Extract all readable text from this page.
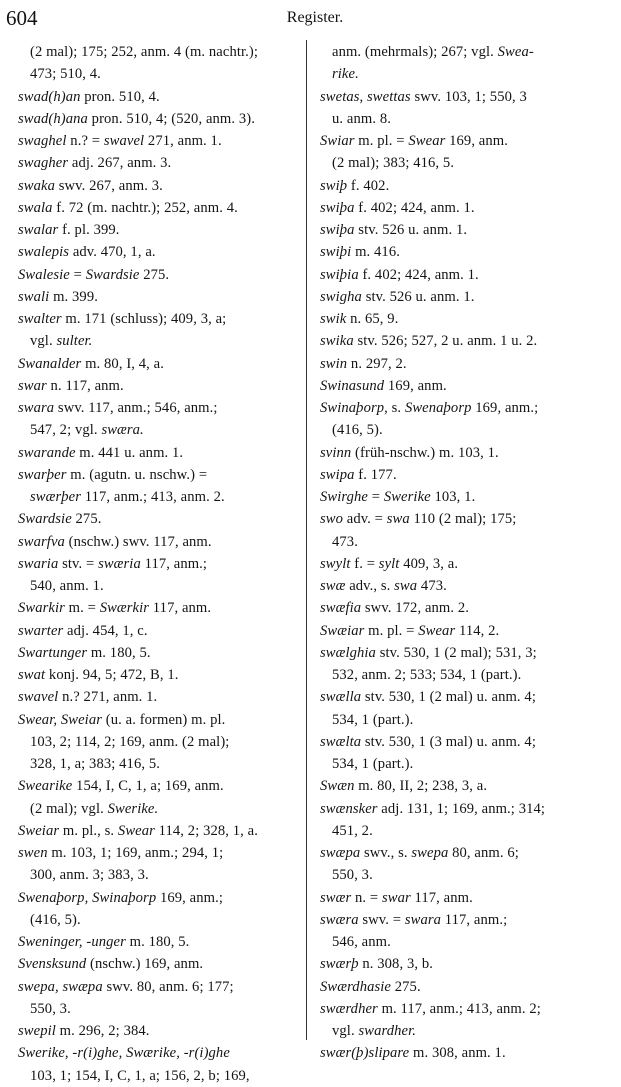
604	Register.
(2 mal); 175; 252, anm. 4 (m. nachtr.);
473; 510, 4.
swad(h)an pron. 510, 4.
swad(h)ana pron. 510, 4; (520, anm. 3).
swaghel n.? = swavel 271, anm. 1.
swagher adj. 267, anm. 3.
swaka swv. 267, anm. 3.
swala f. 72 (m. nachtr.); 252, anm. 4.
swalar f. pl. 399.
swalepis adv. 470, 1, a.
Swalesie = Swardsie 275.
swali m. 399.
swalter m. 171 (schluss); 409, 3, a;
vgl. sulter.
Swanalder m. 80, I, 4, a.
swar n. 117, anm.
swara swv. 117, anm.; 546, anm.;
547, 2; vgl. swæra.
swarande m. 441 u. anm. 1.
swarþer m. (agutn. u. nschw.) =
swærþer 117, anm.; 413, anm. 2.
Swardsie 275.
swarfva (nschw.) swv. 117, anm.
swaria stv. = swæria 117, anm.;
540, anm. 1.
Swarkir m. = Swærkir 117, anm.
swarter adj. 454, 1, c.
Swartunger m. 180, 5.
swat konj. 94, 5; 472, B, 1.
swavel n.? 271, anm. 1.
Swear, Sweiar (u. a. formen) m. pl.
103, 2; 114, 2; 169, anm. (2 mal);
328, 1, a; 383; 416, 5.
Swearike 154, I, C, 1, a; 169, anm.
(2 mal); vgl. Swerike.
Sweiar m. pl., s. Swear 114, 2; 328, 1, a.
swen m. 103, 1; 169, anm.; 294, 1;
300, anm. 3; 383, 3.
Swenaþorp, Swinaþorp 169, anm.;
(416, 5).
Sweninger, -unger m. 180, 5.
Svensksund (nschw.) 169, anm.
swepa, swæpa swv. 80, anm. 6; 177;
550, 3.
swepil m. 296, 2; 384.
Swerike, -r(i)ghe, Swærike, -r(i)ghe
103, 1; 154, I, C, 1, a; 156, 2, b; 169,
anm. (mehrmals); 267; vgl. Swea-
rike.
swetas, swettas swv. 103, 1; 550, 3
u. anm. 8.
Swiar m. pl. = Swear 169, anm.
(2 mal); 383; 416, 5.
swiþ f. 402.
swiþa f. 402; 424, anm. 1.
swiþa stv. 526 u. anm. 1.
swiþi m. 416.
swiþia f. 402; 424, anm. 1.
swigha stv. 526 u. anm. 1.
swik n. 65, 9.
swika stv. 526; 527, 2 u. anm. 1 u. 2.
swin n. 297, 2.
Swinasund 169, anm.
Swinaþorp, s. Swenaþorp 169, anm.;
(416, 5).
svinn (früh-nschw.) m. 103, 1.
swipa f. 177.
Swirghe = Swerike 103, 1.
swo adv. = swa 110 (2 mal); 175;
473.
swylt f. = sylt 409, 3, a.
swæ adv., s. swa 473.
swæfia swv. 172, anm. 2.
Swæiar m. pl. = Swear 114, 2.
swælghia stv. 530, 1 (2 mal); 531, 3;
532, anm. 2; 533; 534, 1 (part.).
swælla stv. 530, 1 (2 mal) u. anm. 4;
534, 1 (part.).
swælta stv. 530, 1 (3 mal) u. anm. 4;
534, 1 (part.).
Swæn m. 80, II, 2; 238, 3, a.
swænsker adj. 131, 1; 169, anm.; 314;
451, 2.
swæpa swv., s. swepa 80, anm. 6;
550, 3.
swær n. = swar 117, anm.
swæra swv. = swara 117, anm.;
546, anm.
swærþ n. 308, 3, b.
Swærdhasie 275.
swærdher m. 117, anm.; 413, anm. 2;
vgl. swardher.
swær(þ)slipare m. 308, anm. 1.
